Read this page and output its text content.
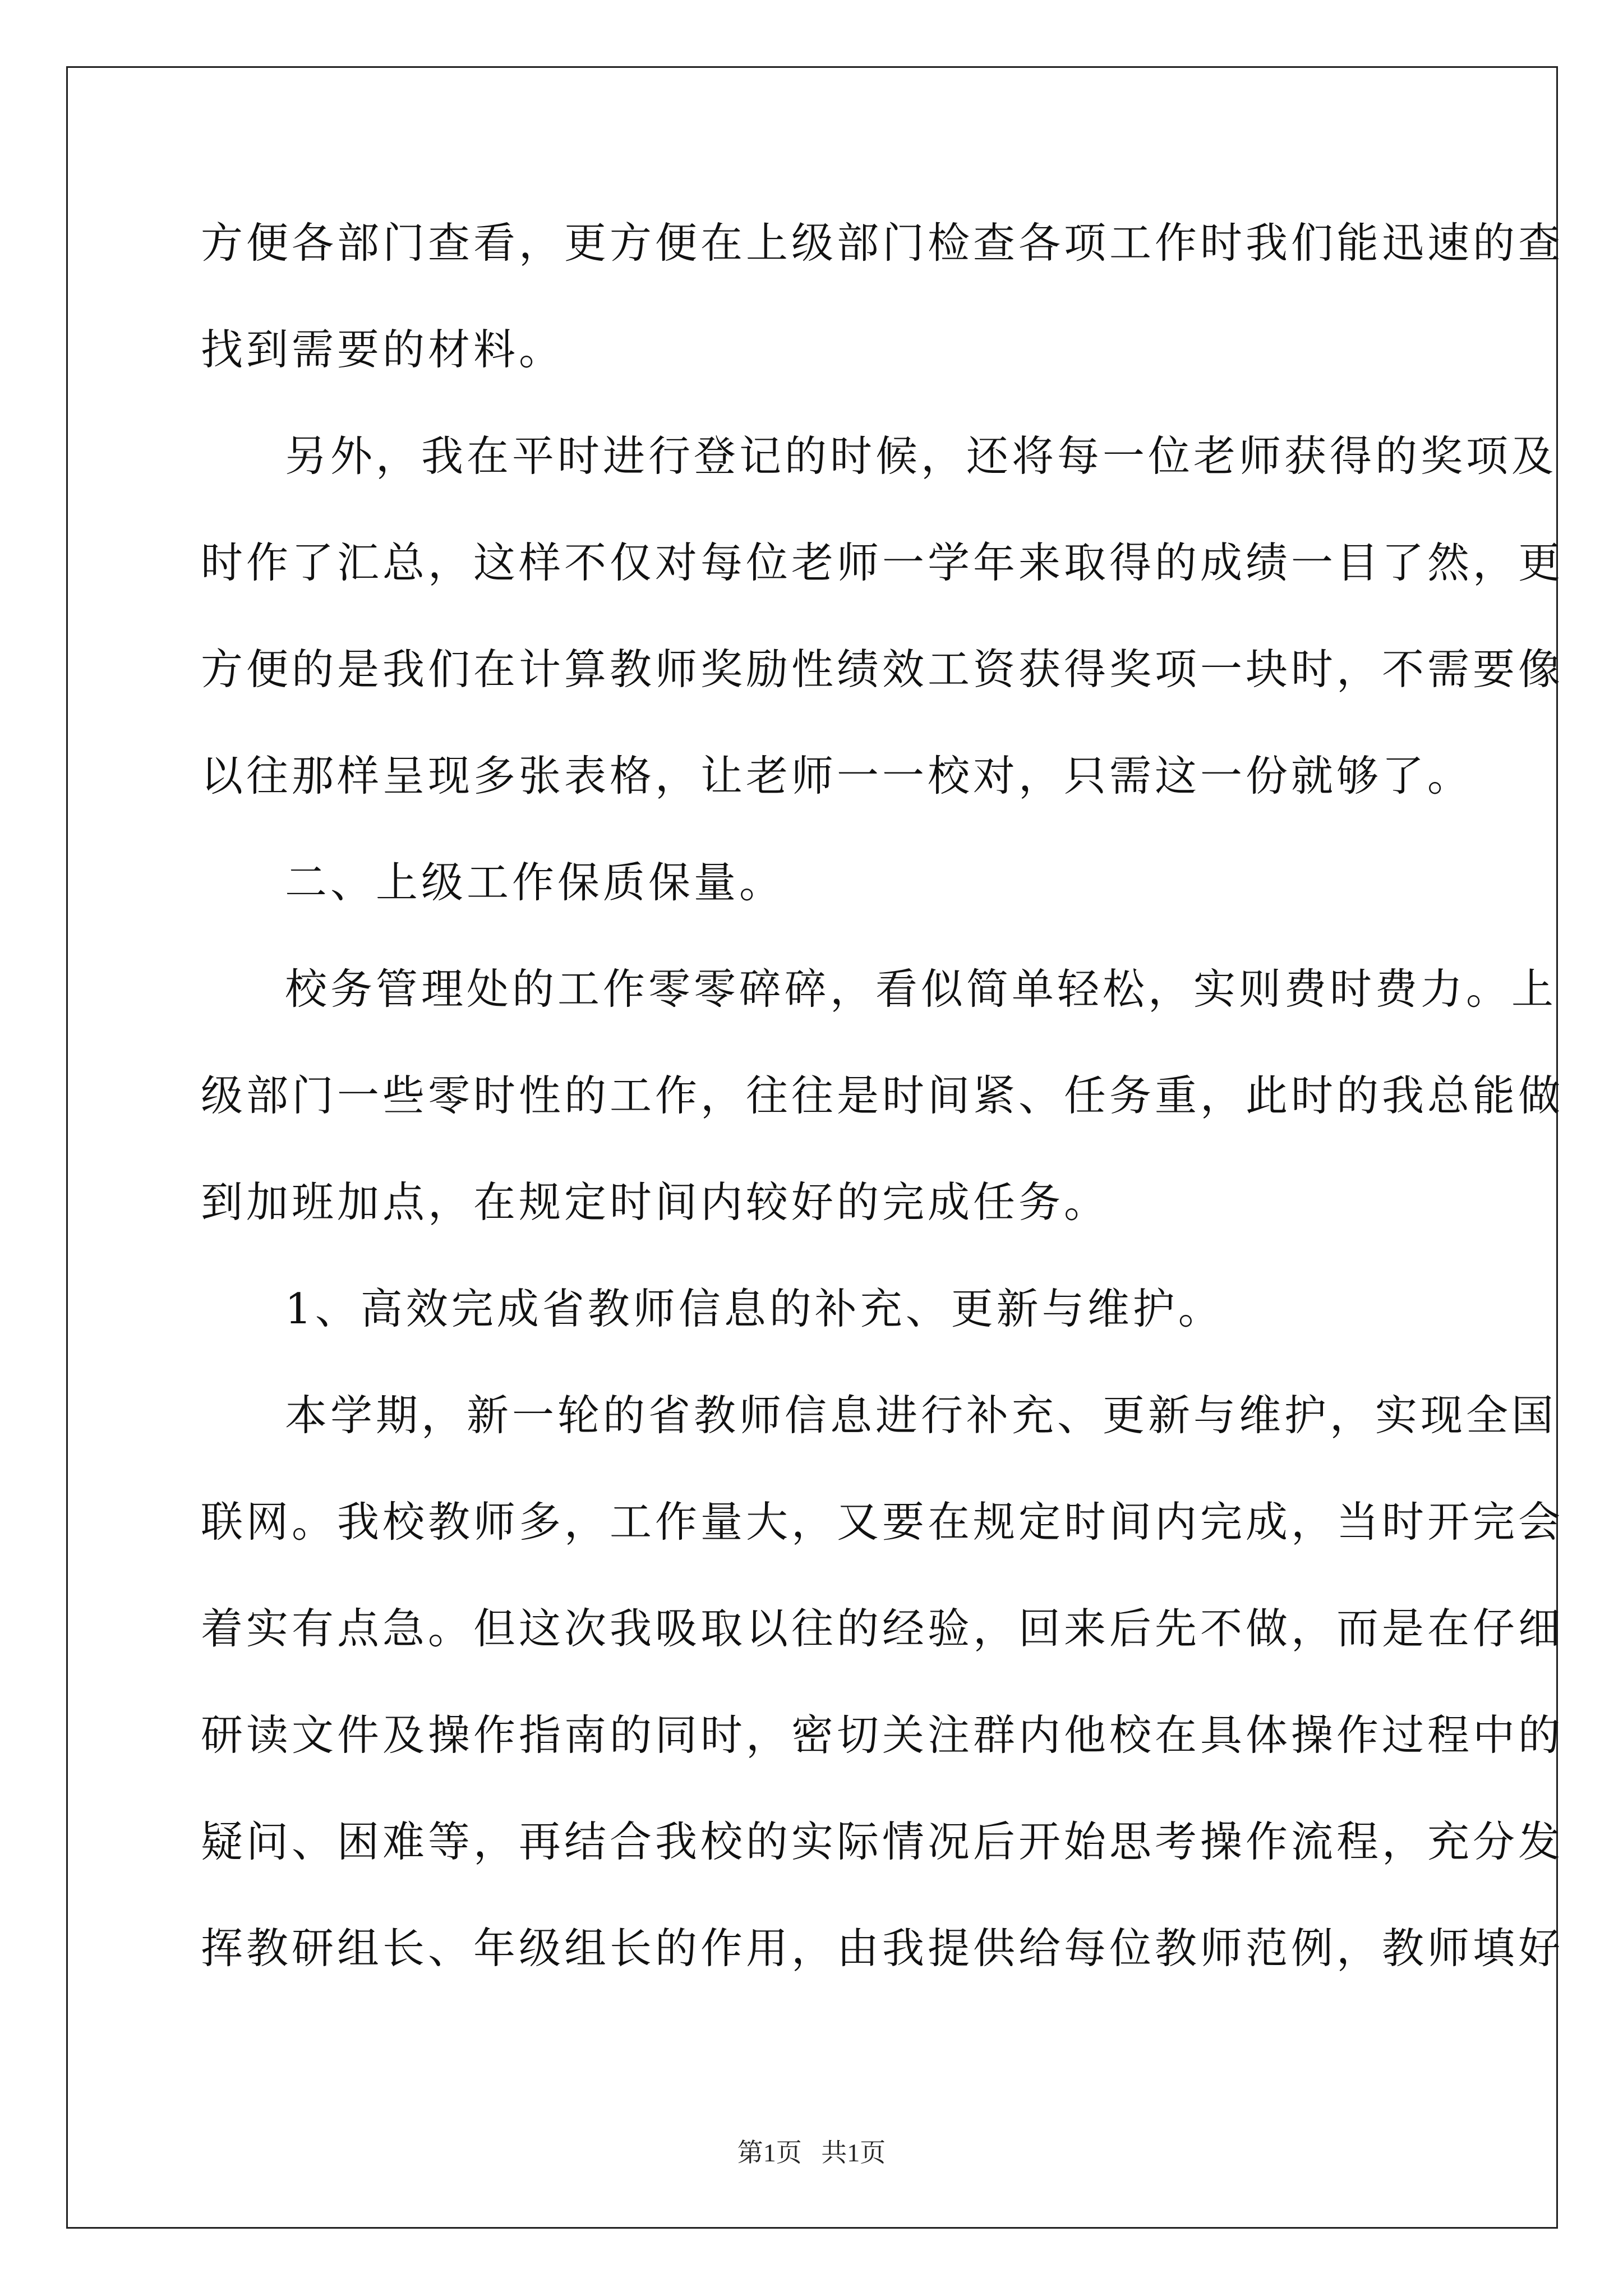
方便各部门查看，更方便在上级部门检查各项工作时我们能迅速的查
找到需要的材料。
另外，我在平时进行登记的时候，还将每一位老师获得的奖项及
时作了汇总，这样不仅对每位老师一学年来取得的成绩一目了然，更
方便的是我们在计算教师奖励性绩效工资获得奖项一块时，不需要像
以往那样呈现多张表格，让老师一一校对，只需这一份就够了。
二、上级工作保质保量。
校务管理处的工作零零碎碎，看似简单轻松，实则费时费力。上
级部门一些零时性的工作，往往是时间紧、任务重，此时的我总能做
到加班加点，在规定时间内较好的完成任务。
1、高效完成省教师信息的补充、更新与维护。
本学期，新一轮的省教师信息进行补充、更新与维护，实现全国
联网。我校教师多，工作量大，又要在规定时间内完成，当时开完会
着实有点急。但这次我吸取以往的经验，回来后先不做，而是在仔细
研读文件及操作指南的同时，密切关注群内他校在具体操作过程中的
疑问、困难等，再结合我校的实际情况后开始思考操作流程，充分发
挥教研组长、年级组长的作用，由我提供给每位教师范例，教师填好
第1页   共1页
